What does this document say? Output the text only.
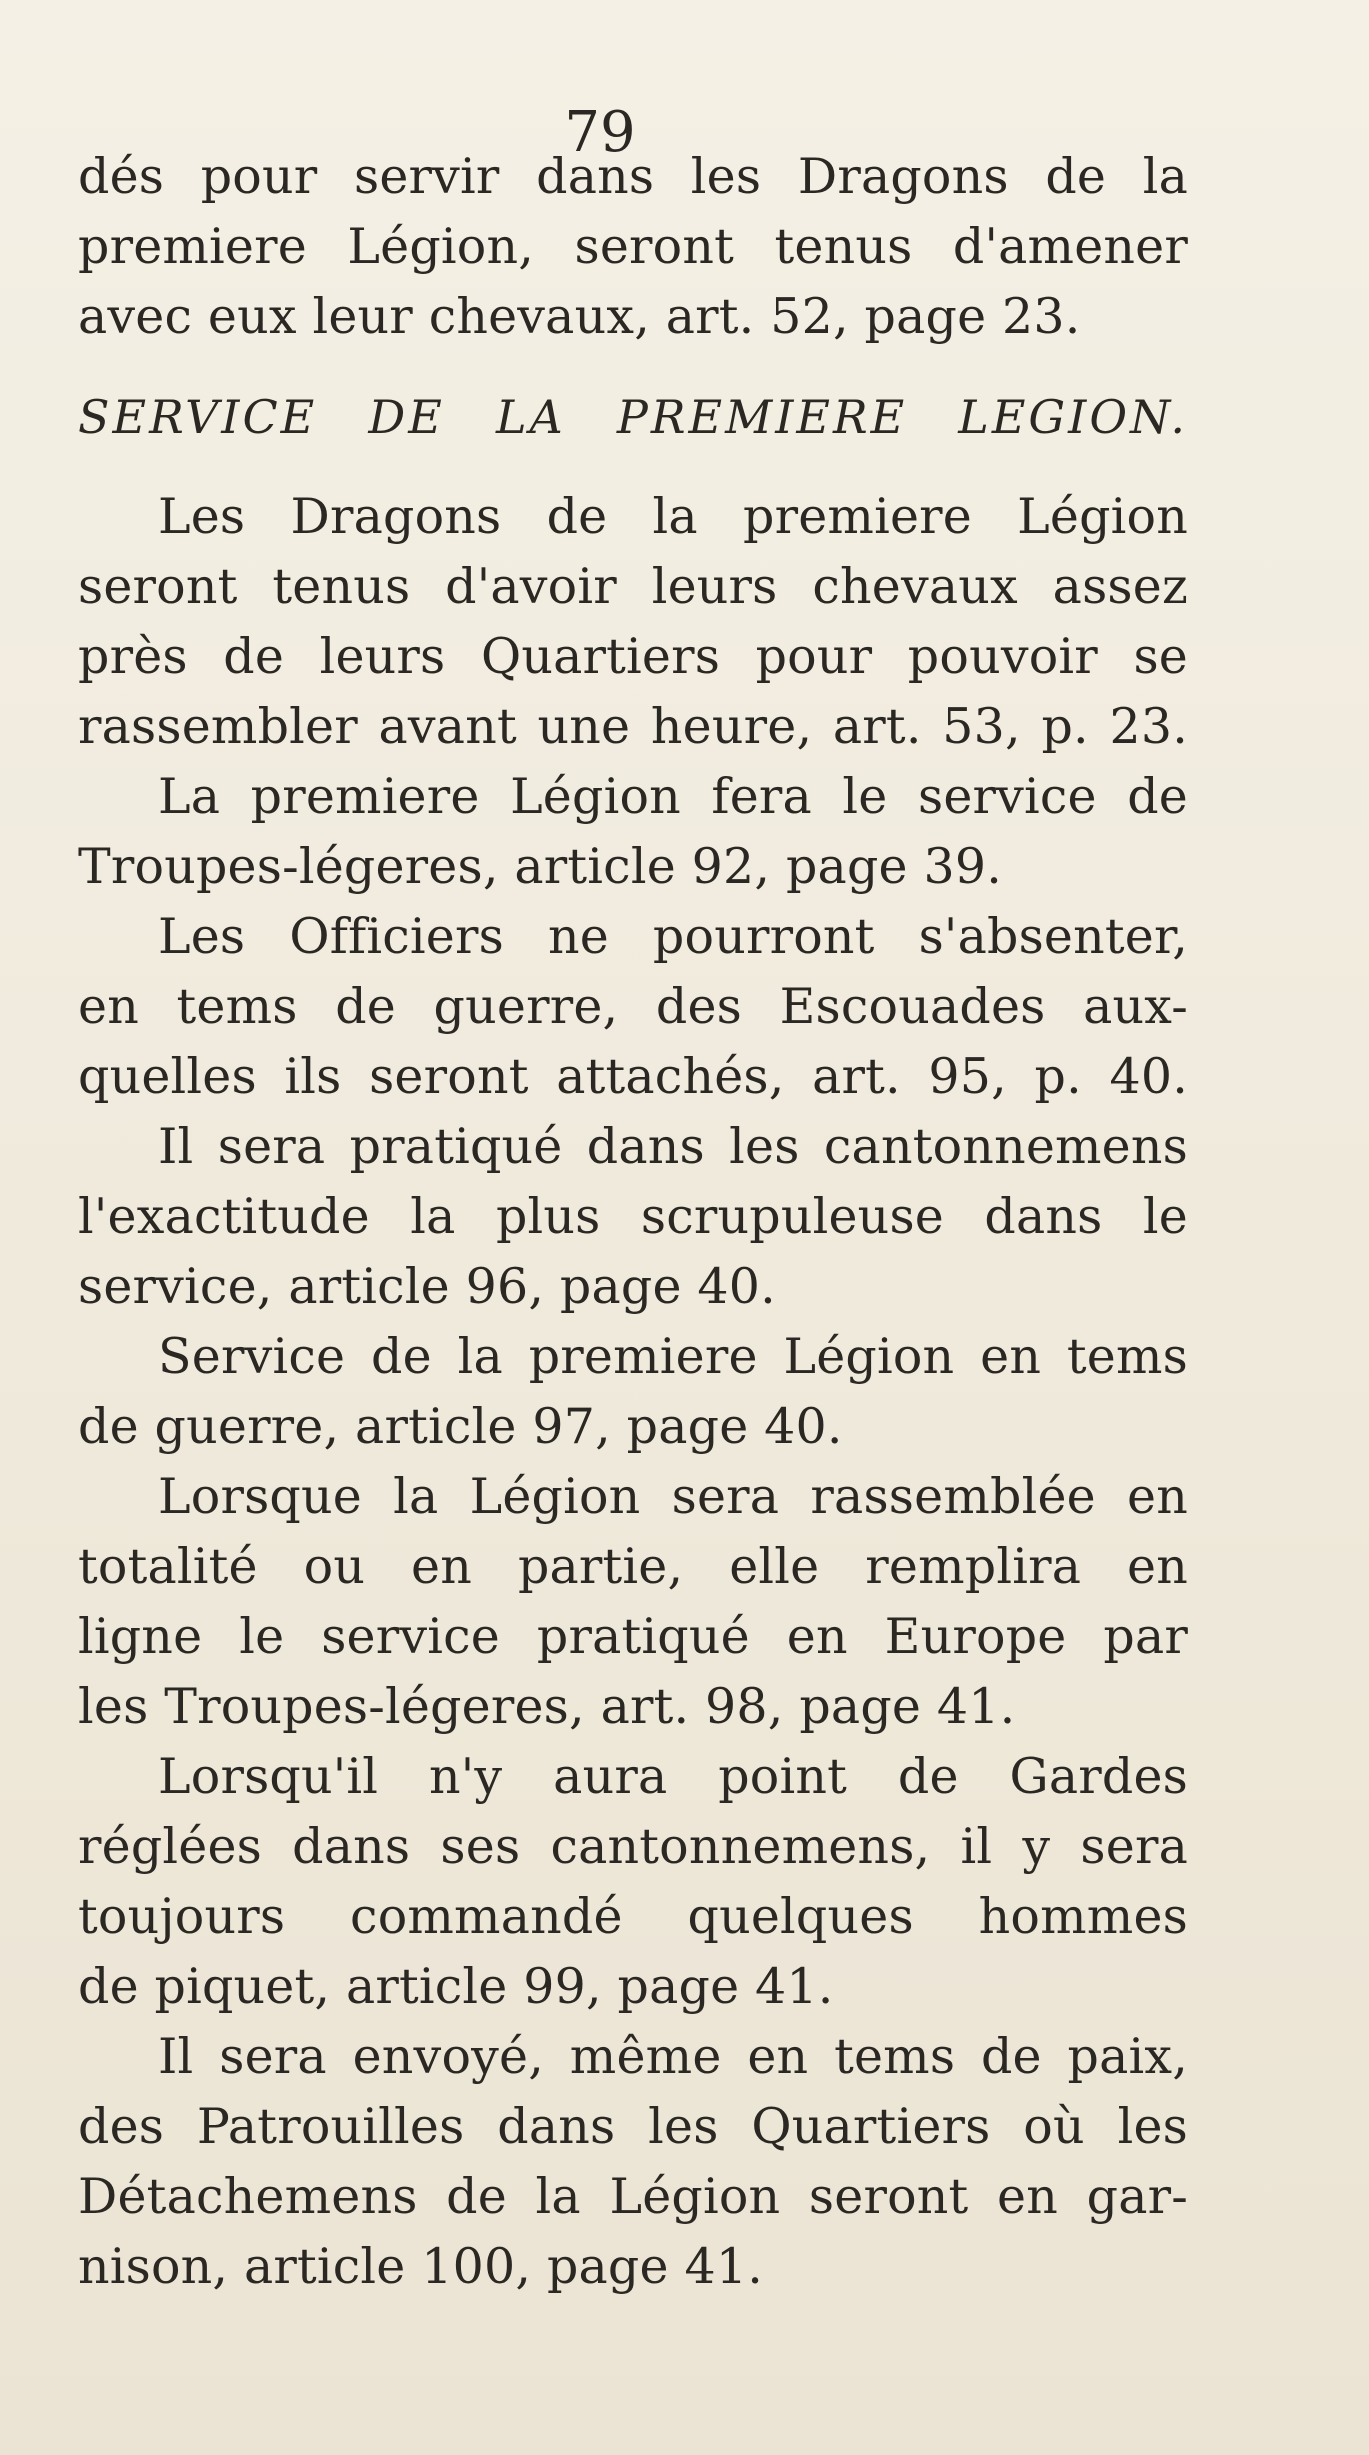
79
dés pour servir dans les Dragons de la
premiere Légion, seront tenus d'amener
avec eux leur chevaux, art. 52, page 23.
SERVICE DE LA PREMIERE LEGION.
Les Dragons de la premiere Légion
seront tenus d'avoir leurs chevaux assez
près de leurs Quartiers pour pouvoir se
rassembler avant une heure, art. 53, p. 23.
La premiere Légion fera le service de
Troupes-légeres, article 92, page 39.
Les Officiers ne pourront s'absenter,
en tems de guerre, des Escouades aux-
quelles ils seront attachés, art. 95, p. 40.
Il sera pratiqué dans les cantonnemens
l'exactitude la plus scrupuleuse dans le
service, article 96, page 40.
Service de la premiere Légion en tems
de guerre, article 97, page 40.
Lorsque la Légion sera rassemblée en
totalité ou en partie, elle remplira en
ligne le service pratiqué en Europe par
les Troupes-légeres, art. 98, page 41.
Lorsqu'il n'y aura point de Gardes
réglées dans ses cantonnemens, il y sera
toujours commandé quelques hommes
de piquet, article 99, page 41.
Il sera envoyé, même en tems de paix,
des Patrouilles dans les Quartiers où les
Détachemens de la Légion seront en gar-
nison, article 100, page 41.
